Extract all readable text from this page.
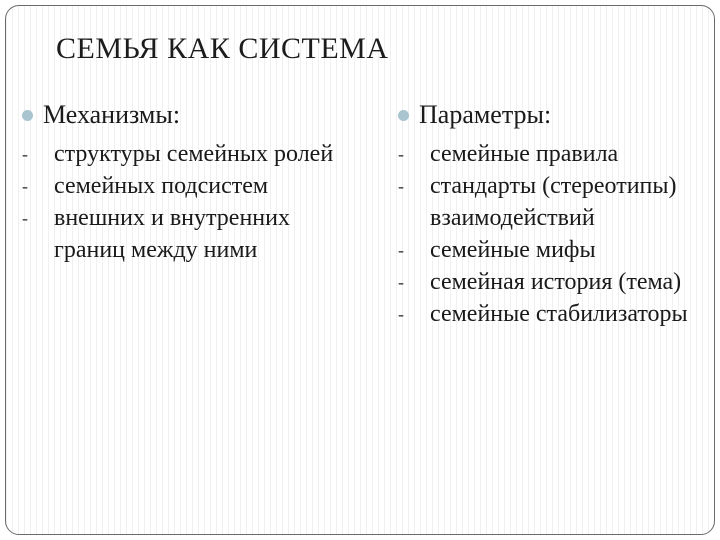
СЕМЬЯ КАК СИСТЕМА
Механизмы:
- структуры семейных ролей
- семейных подсистем
- внешних и внутренних границ между ними
Параметры:
- семейные правила
- стандарты (стереотипы) взаимодействий
- семейные мифы
- семейная история (тема)
- семейные стабилизаторы
